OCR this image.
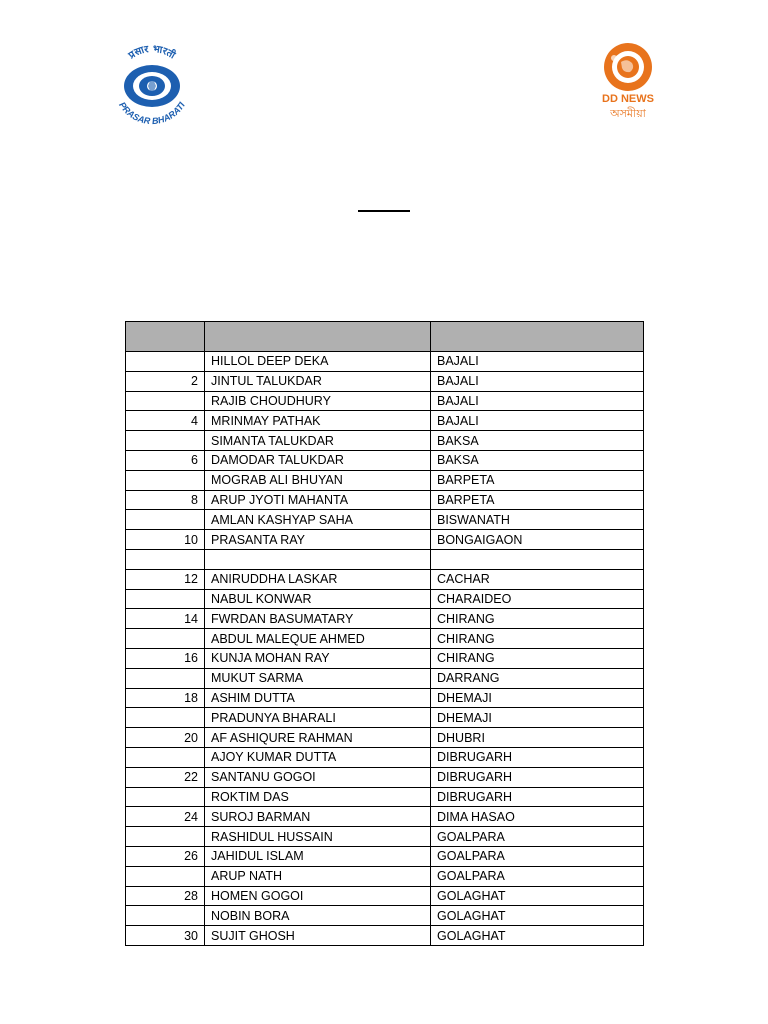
प्रसार भारती
PRASAR BHARATI	DD NEWS
অসমীয়া

	HILLOL DEEP DEKA	BAJALI
2	JINTUL TALUKDAR	BAJALI
	RAJIB CHOUDHURY	BAJALI
4	MRINMAY PATHAK	BAJALI
	SIMANTA TALUKDAR	BAKSA
6	DAMODAR TALUKDAR	BAKSA
	MOGRAB ALI BHUYAN	BARPETA
8	ARUP JYOTI MAHANTA	BARPETA
	AMLAN KASHYAP SAHA	BISWANATH
10	PRASANTA RAY	BONGAIGAON

12	ANIRUDDHA LASKAR	CACHAR
	NABUL KONWAR	CHARAIDEO
14	FWRDAN BASUMATARY	CHIRANG
	ABDUL MALEQUE AHMED	CHIRANG
16	KUNJA MOHAN RAY	CHIRANG
	MUKUT SARMA	DARRANG
18	ASHIM DUTTA	DHEMAJI
	PRADUNYA BHARALI	DHEMAJI
20	AF ASHIQURE RAHMAN	DHUBRI
	AJOY KUMAR DUTTA	DIBRUGARH
22	SANTANU GOGOI	DIBRUGARH
	ROKTIM DAS	DIBRUGARH
24	SUROJ BARMAN	DIMA HASAO
	RASHIDUL HUSSAIN	GOALPARA
26	JAHIDUL ISLAM	GOALPARA
	ARUP NATH	GOALPARA
28	HOMEN GOGOI	GOLAGHAT
	NOBIN BORA	GOLAGHAT
30	SUJIT GHOSH	GOLAGHAT
